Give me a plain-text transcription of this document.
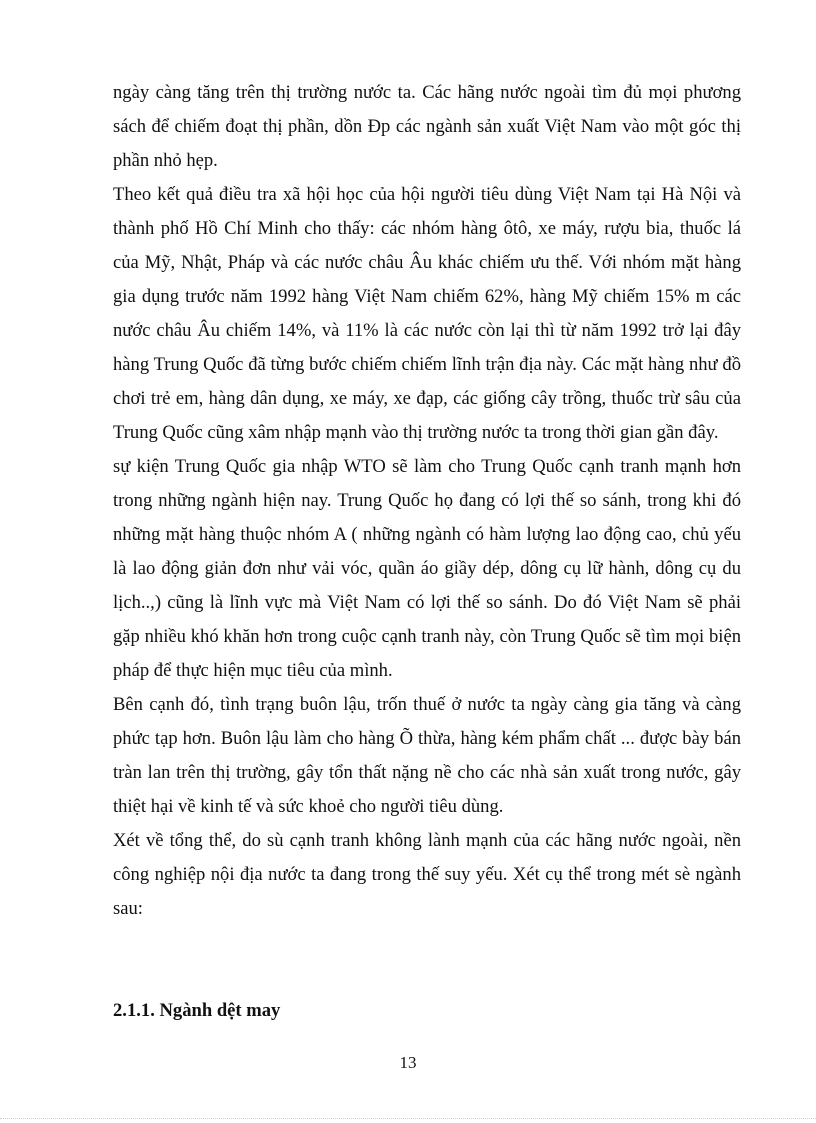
ngày càng tăng trên thị trường nước ta. Các hãng nước ngoài tìm đủ mọi phương sách để chiếm đoạt thị phần, dồn Ðp các ngành sản xuất Việt Nam vào một góc thị phần nhỏ hẹp.

Theo kết quả điều tra xã hội học của hội người tiêu dùng Việt Nam tại Hà Nội và thành phố Hồ Chí Minh cho thấy: các nhóm hàng ôtô, xe máy, rượu bia, thuốc lá của Mỹ, Nhật, Pháp và các nước châu Âu khác chiếm ưu thế. Với nhóm mặt hàng gia dụng trước năm 1992 hàng Việt Nam chiếm 62%, hàng Mỹ chiếm 15% m các nước châu Âu chiếm 14%, và 11% là các nước còn lại thì từ năm 1992 trở lại đây hàng Trung Quốc đã từng bước chiếm chiếm lĩnh trận địa này. Các mặt hàng như đồ chơi trẻ em, hàng dân dụng, xe máy, xe đạp, các giống cây trồng, thuốc trừ sâu của Trung Quốc cũng xâm nhập mạnh vào thị trường nước ta trong thời gian gần đây.

sự kiện Trung Quốc gia nhập WTO sẽ làm cho Trung Quốc cạnh tranh mạnh hơn trong những ngành hiện nay. Trung Quốc họ đang có lợi thế so sánh, trong khi đó những mặt hàng thuộc nhóm A ( những ngành có hàm lượng lao động cao, chủ yếu là lao động giản đơn như vải vóc, quần áo giầy dép, dông cụ lữ hành, dông cụ du lịch..,) cũng là lĩnh vực mà Việt Nam có lợi thế so sánh. Do đó Việt Nam sẽ phải gặp nhiều khó khăn hơn trong cuộc cạnh tranh này, còn Trung Quốc sẽ tìm mọi biện pháp để thực hiện mục tiêu của mình.

Bên cạnh đó, tình trạng buôn lậu, trốn thuế ở nước ta ngày càng gia tăng và càng phức tạp hơn. Buôn lậu làm cho hàng Õ thừa, hàng kém phẩm chất ... được bày bán tràn lan trên thị trường, gây tổn thất nặng nề cho các nhà sản xuất trong nước, gây thiệt hại về kinh tế và sức khoẻ cho người tiêu dùng.

Xét về tổng thể, do sù cạnh tranh không lành mạnh của các hãng nước ngoài, nền công nghiệp nội địa nước ta đang trong thế suy yếu. Xét cụ thể trong mét sè ngành sau:

2.1.1. Ngành dệt may
13
